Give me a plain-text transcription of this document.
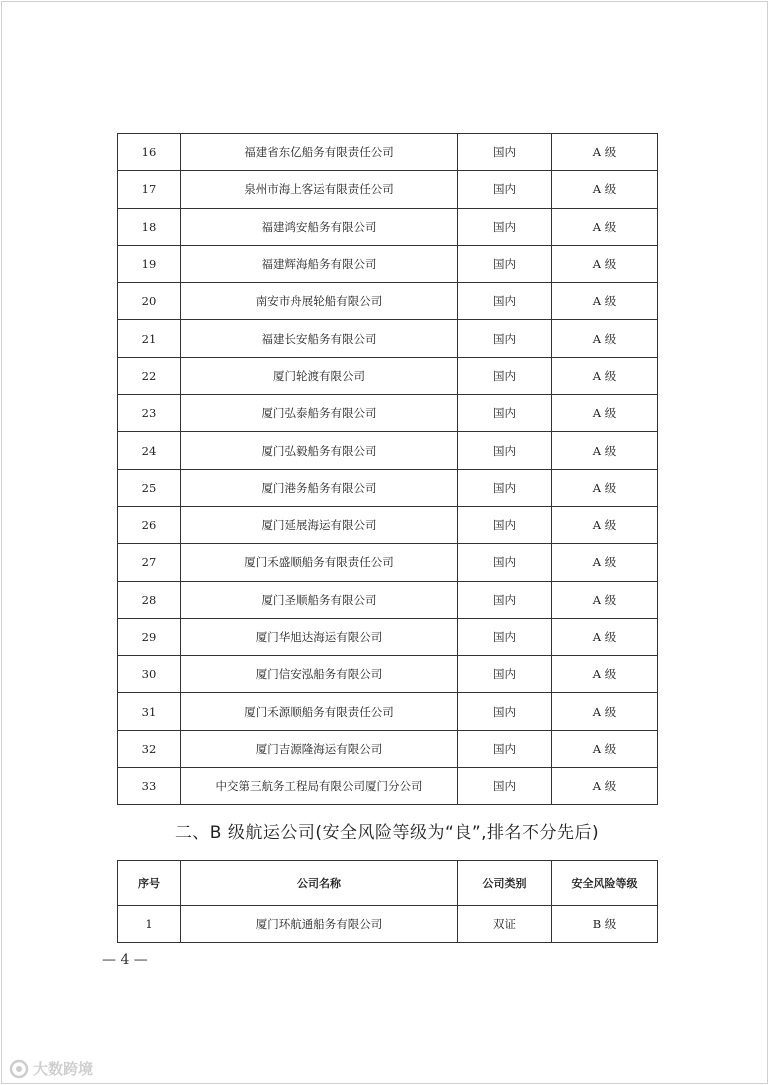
16	福建省东亿船务有限责任公司	国内	A 级
17	泉州市海上客运有限责任公司	国内	A 级
18	福建鸿安船务有限公司	国内	A 级
19	福建辉海船务有限公司	国内	A 级
20	南安市舟展轮船有限公司	国内	A 级
21	福建长安船务有限公司	国内	A 级
22	厦门轮渡有限公司	国内	A 级
23	厦门弘泰船务有限公司	国内	A 级
24	厦门弘毅船务有限公司	国内	A 级
25	厦门港务船务有限公司	国内	A 级
26	厦门延展海运有限公司	国内	A 级
27	厦门禾盛顺船务有限责任公司	国内	A 级
28	厦门圣顺船务有限公司	国内	A 级
29	厦门华旭达海运有限公司	国内	A 级
30	厦门信安泓船务有限公司	国内	A 级
31	厦门禾源顺船务有限责任公司	国内	A 级
32	厦门吉源隆海运有限公司	国内	A 级
33	中交第三航务工程局有限公司厦门分公司	国内	A 级
二、B 级航运公司(安全风险等级为“良”,排名不分先后)
序号	公司名称	公司类别	安全风险等级
1	厦门环航通船务有限公司	双证	B 级
— 4 —
大数跨境
